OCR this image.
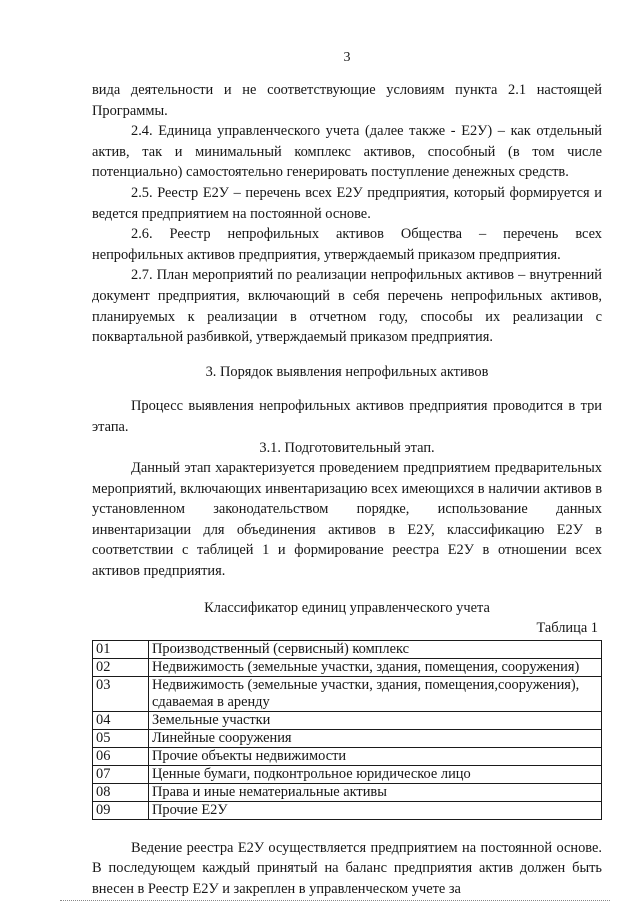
3

вида деятельности и не соответствующие условиям пункта 2.1 настоящей Программы.

2.4. Единица управленческого учета (далее также - Е2У) – как отдельный актив, так и минимальный комплекс активов, способный (в том числе потенциально) самостоятельно генерировать поступление денежных средств.

2.5. Реестр Е2У – перечень всех Е2У предприятия, который формируется и ведется предприятием на постоянной основе.

2.6. Реестр непрофильных активов Общества – перечень всех непрофильных активов предприятия, утверждаемый приказом предприятия.

2.7. План мероприятий по реализации непрофильных активов – внутренний документ предприятия, включающий в себя перечень непрофильных активов, планируемых к реализации в отчетном году, способы их реализации с поквартальной разбивкой, утверждаемый приказом предприятия.

3. Порядок выявления непрофильных активов

Процесс выявления непрофильных активов предприятия проводится в три этапа.

3.1. Подготовительный этап.

Данный этап характеризуется проведением предприятием предварительных мероприятий, включающих инвентаризацию всех имеющихся в наличии активов в установленном законодательством порядке, использование данных инвентаризации для объединения активов в Е2У, классификацию Е2У в соответствии с таблицей 1 и формирование реестра Е2У в отношении всех активов предприятия.

Классификатор единиц управленческого учета

Таблица 1

01	Производственный (сервисный) комплекс
02	Недвижимость (земельные участки, здания, помещения, сооружения)
03	Недвижимость (земельные участки, здания, помещения,сооружения), сдаваемая в аренду
04	Земельные участки
05	Линейные сооружения
06	Прочие объекты недвижимости
07	Ценные бумаги, подконтрольное юридическое лицо
08	Права и иные нематериальные активы
09	Прочие Е2У

Ведение реестра Е2У осуществляется предприятием на постоянной основе. В последующем каждый принятый на баланс предприятия актив должен быть внесен в Реестр Е2У и закреплен в управленческом учете за
